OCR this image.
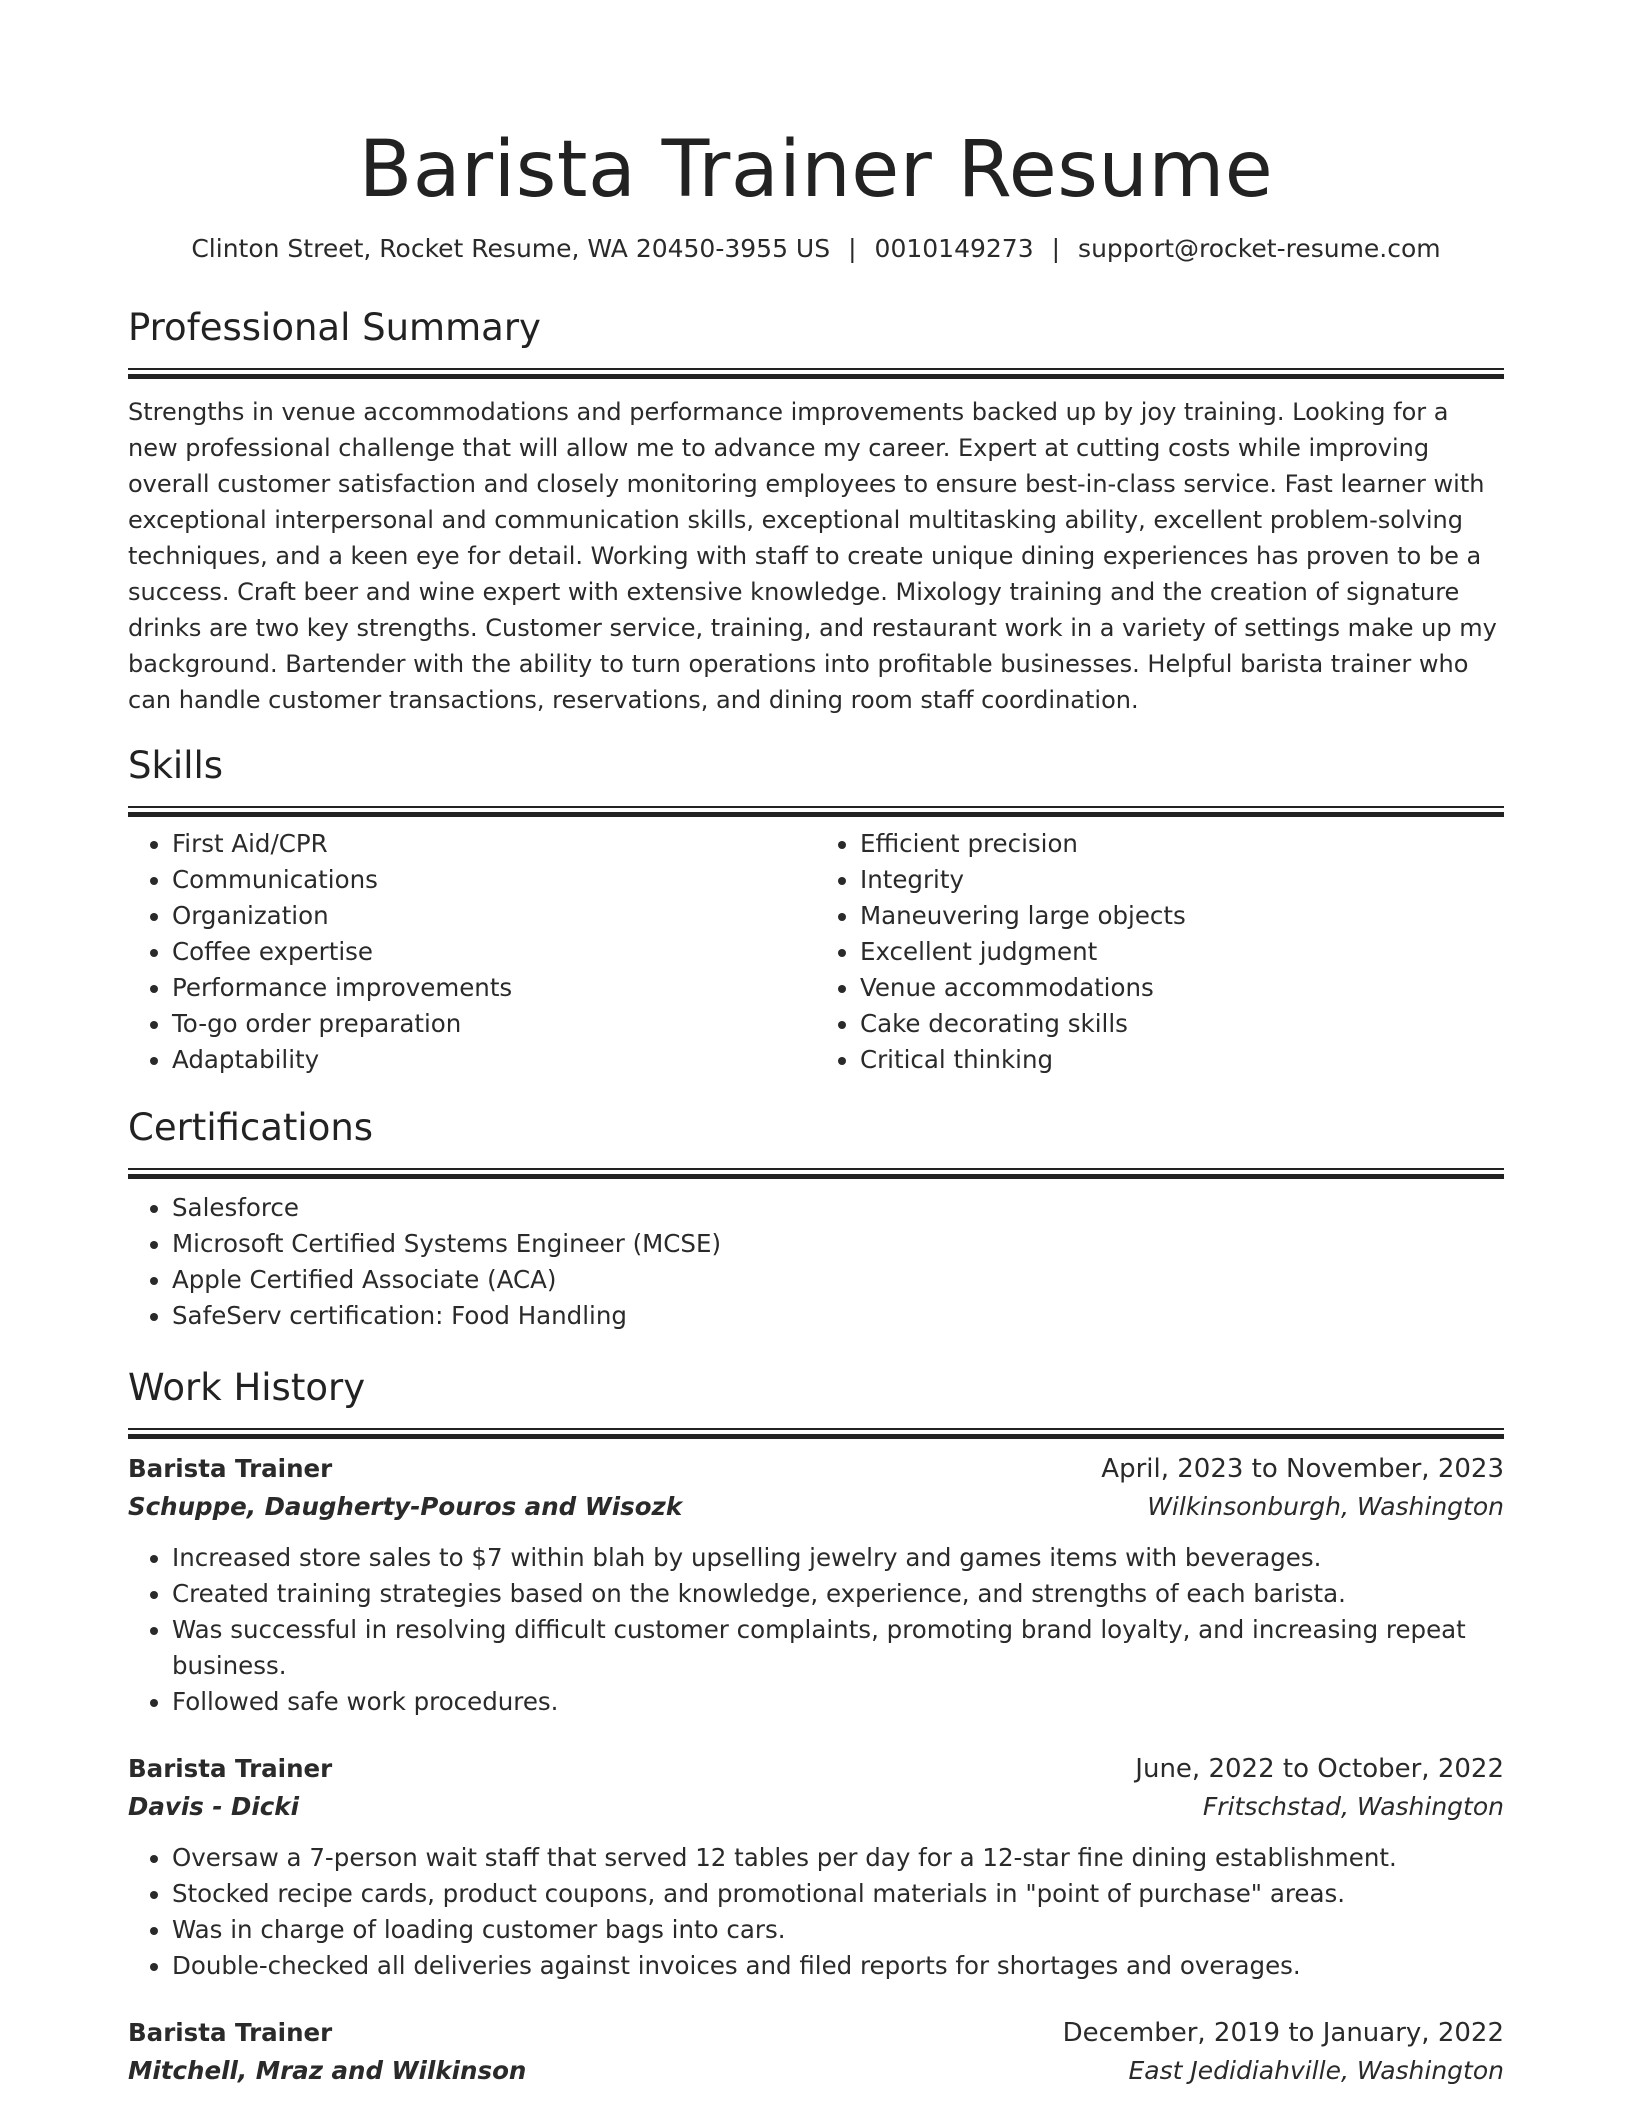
Barista Trainer Resume
Clinton Street, Rocket Resume, WA 20450-3955 US | 0010149273 | support@rocket-resume.com
Professional Summary

Strengths in venue accommodations and performance improvements backed up by joy training. Looking for a new professional challenge that will allow me to advance my career. Expert at cutting costs while improving overall customer satisfaction and closely monitoring employees to ensure best-in-class service. Fast learner with exceptional interpersonal and communication skills, exceptional multitasking ability, excellent problem-solving techniques, and a keen eye for detail. Working with staff to create unique dining experiences has proven to be a success. Craft beer and wine expert with extensive knowledge. Mixology training and the creation of signature drinks are two key strengths. Customer service, training, and restaurant work in a variety of settings make up my background. Bartender with the ability to turn operations into profitable businesses. Helpful barista trainer who can handle customer transactions, reservations, and dining room staff coordination.

Skills
• First Aid/CPR
• Communications
• Organization
• Coffee expertise
• Performance improvements
• To-go order preparation
• Adaptability
• Efficient precision
• Integrity
• Maneuvering large objects
• Excellent judgment
• Venue accommodations
• Cake decorating skills
• Critical thinking
Certifications
• Salesforce
• Microsoft Certified Systems Engineer (MCSE)
• Apple Certified Associate (ACA)
• SafeServ certification: Food Handling
Work History
Barista Trainer	April, 2023 to November, 2023
Schuppe, Daugherty-Pouros and Wisozk	Wilkinsonburgh, Washington
• Increased store sales to $7 within blah by upselling jewelry and games items with beverages.
• Created training strategies based on the knowledge, experience, and strengths of each barista.
• Was successful in resolving difficult customer complaints, promoting brand loyalty, and increasing repeat business.
• Followed safe work procedures.
Barista Trainer	June, 2022 to October, 2022
Davis - Dicki	Fritschstad, Washington
• Oversaw a 7-person wait staff that served 12 tables per day for a 12-star fine dining establishment.
• Stocked recipe cards, product coupons, and promotional materials in "point of purchase" areas.
• Was in charge of loading customer bags into cars.
• Double-checked all deliveries against invoices and filed reports for shortages and overages.
Barista Trainer	December, 2019 to January, 2022
Mitchell, Mraz and Wilkinson	East Jedidiahville, Washington
